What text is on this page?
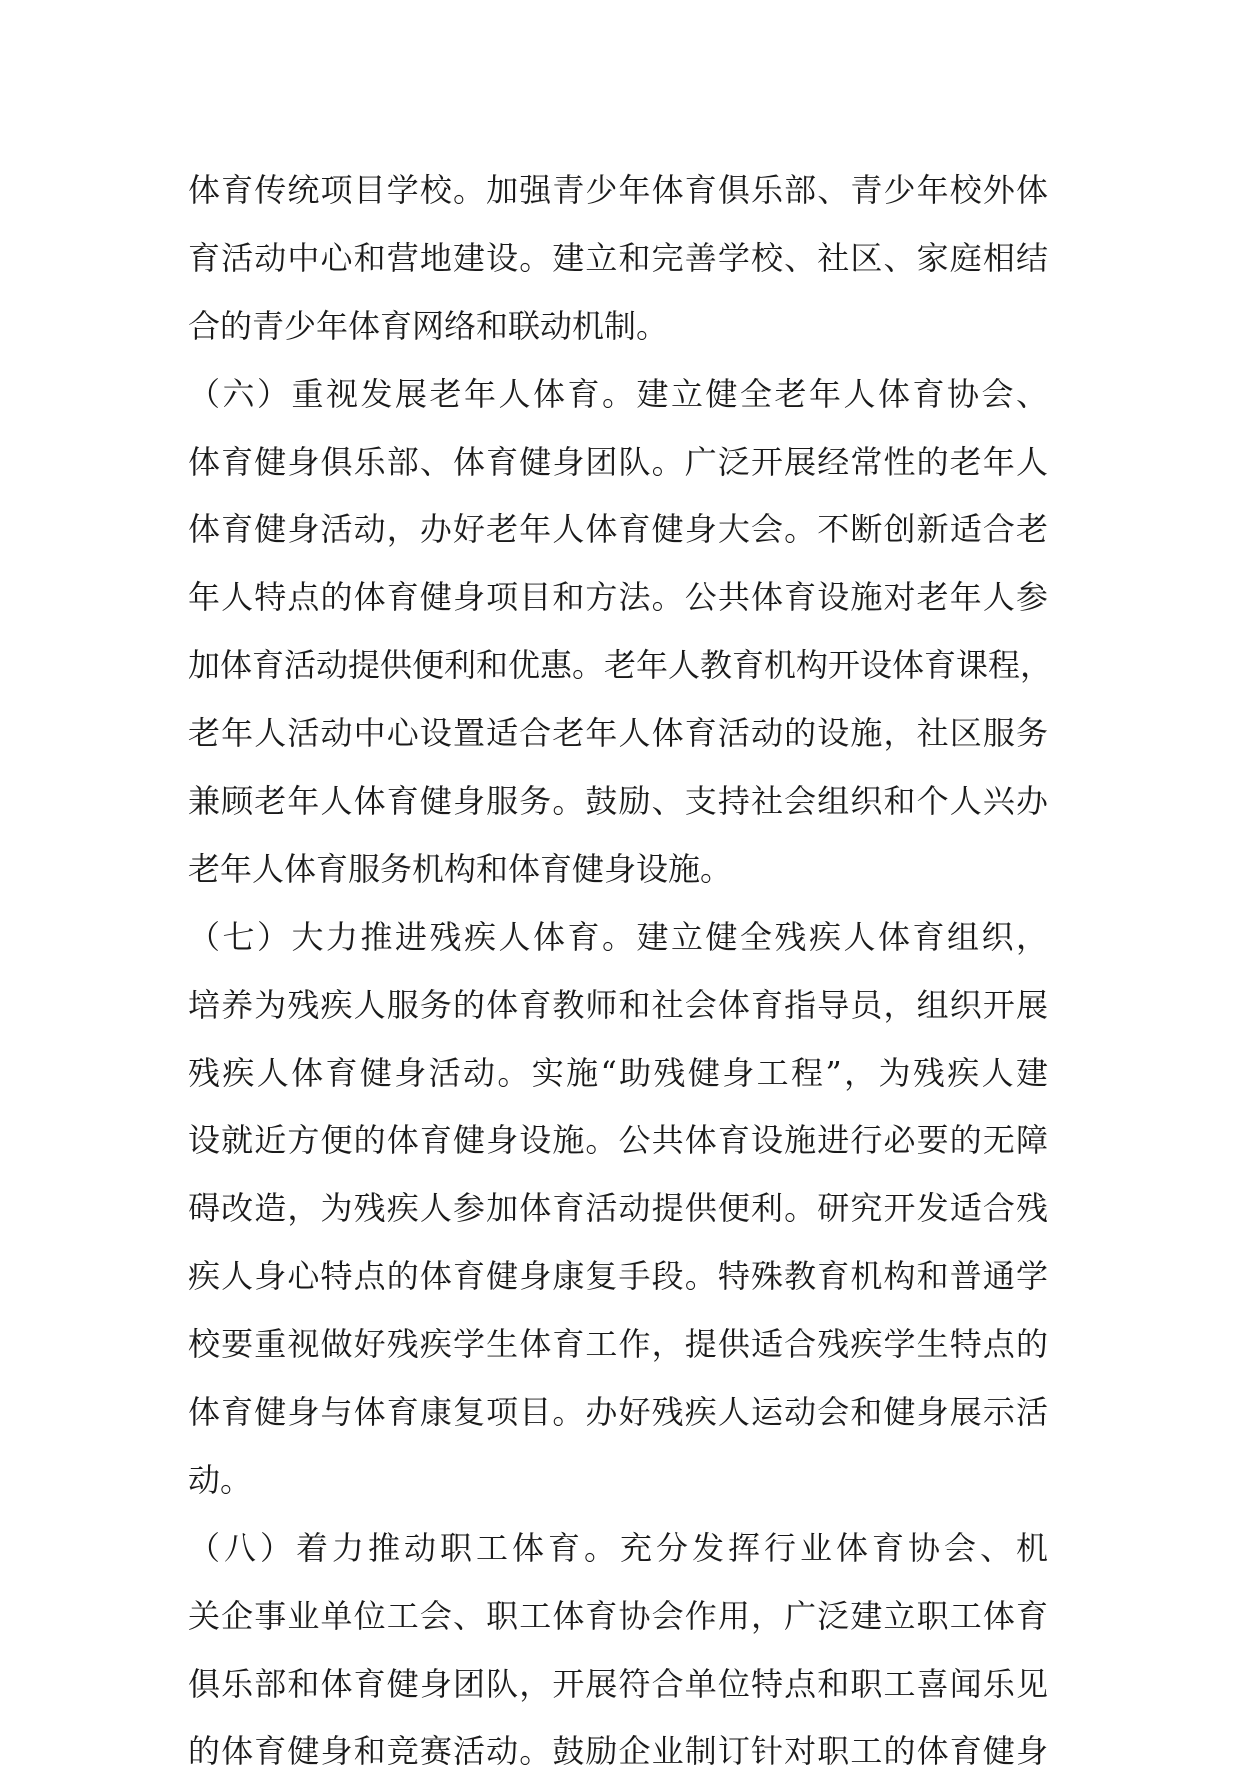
体育传统项目学校。加强青少年体育俱乐部、青少年校外体
育活动中心和营地建设。建立和完善学校、社区、家庭相结
合的青少年体育网络和联动机制。
（六）重视发展老年人体育。建立健全老年人体育协会、
体育健身俱乐部、体育健身团队。广泛开展经常性的老年人
体育健身活动，办好老年人体育健身大会。不断创新适合老
年人特点的体育健身项目和方法。公共体育设施对老年人参
加体育活动提供便利和优惠。老年人教育机构开设体育课程，
老年人活动中心设置适合老年人体育活动的设施，社区服务
兼顾老年人体育健身服务。鼓励、支持社会组织和个人兴办
老年人体育服务机构和体育健身设施。
（七）大力推进残疾人体育。建立健全残疾人体育组织，
培养为残疾人服务的体育教师和社会体育指导员，组织开展
残疾人体育健身活动。实施“助残健身工程”，为残疾人建
设就近方便的体育健身设施。公共体育设施进行必要的无障
碍改造，为残疾人参加体育活动提供便利。研究开发适合残
疾人身心特点的体育健身康复手段。特殊教育机构和普通学
校要重视做好残疾学生体育工作，提供适合残疾学生特点的
体育健身与体育康复项目。办好残疾人运动会和健身展示活
动。
（八）着力推动职工体育。充分发挥行业体育协会、机
关企事业单位工会、职工体育协会作用，广泛建立职工体育
俱乐部和体育健身团队，开展符合单位特点和职工喜闻乐见
的体育健身和竞赛活动。鼓励企业制订针对职工的体育健身
